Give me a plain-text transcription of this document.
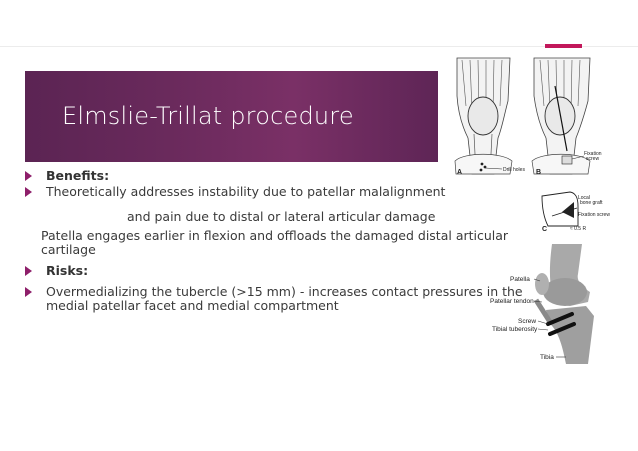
Elmslie-Trillat procedure
Drill holes
A
Fixation
screw
B
Local
bone graft
Fixation screw
≈ 0.5 R
C
Patella
Patellar tendon
Screw
Tibial tuberosity
Tibia
Benefits:
Theoretically addresses instability due to patellar malalignment
and pain due to distal or lateral articular damage
Patella engages earlier in flexion and offloads the damaged distal articular
cartilage
Risks:
Overmedializing the tubercle (>15 mm) - increases contact pressures in the
medial patellar facet and medial compartment
